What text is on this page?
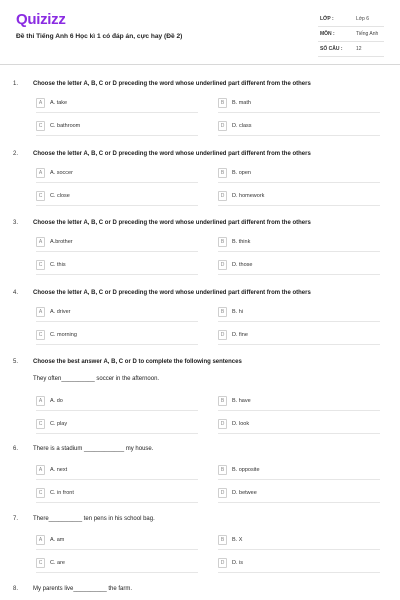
Quizizz
Đề thi Tiếng Anh 6 Học kì 1 có đáp án, cực hay (Đề 2)
LỚP :	Lớp 6
MÔN :	Tiếng Anh
SỐ CÂU :	12
1. Choose the letter A, B, C or D preceding the word whose underlined part different from the others
A	A. take	B	B. math
C	C. bathroom	D	D. class
2. Choose the letter A, B, C or D preceding the word whose underlined part different from the others
A	A. soccer	B	B. open
C	C. close	D	D. homework
3. Choose the letter A, B, C or D preceding the word whose underlined part different from the others
A	A.brother	B	B. think
C	C. this	D	D. those
4. Choose the letter A, B, C or D preceding the word whose underlined part different from the others
A	A. driver	B	B. hi
C	C. morning	D	D. fine
5. Choose the best answer A, B, C or D to complete the following sentences
They often__________ soccer in the afternoon.
A	A. do	B	B. have
C	C. play	D	D. look
6. There is a stadium ____________ my house.
A	A. next	B	B. opposite
C	C. in front	D	D. betwee
7. There__________ ten pens in his school bag.
A	A. am	B	B. X
C	C. are	D	D. is
8. My parents live__________ the farm.
